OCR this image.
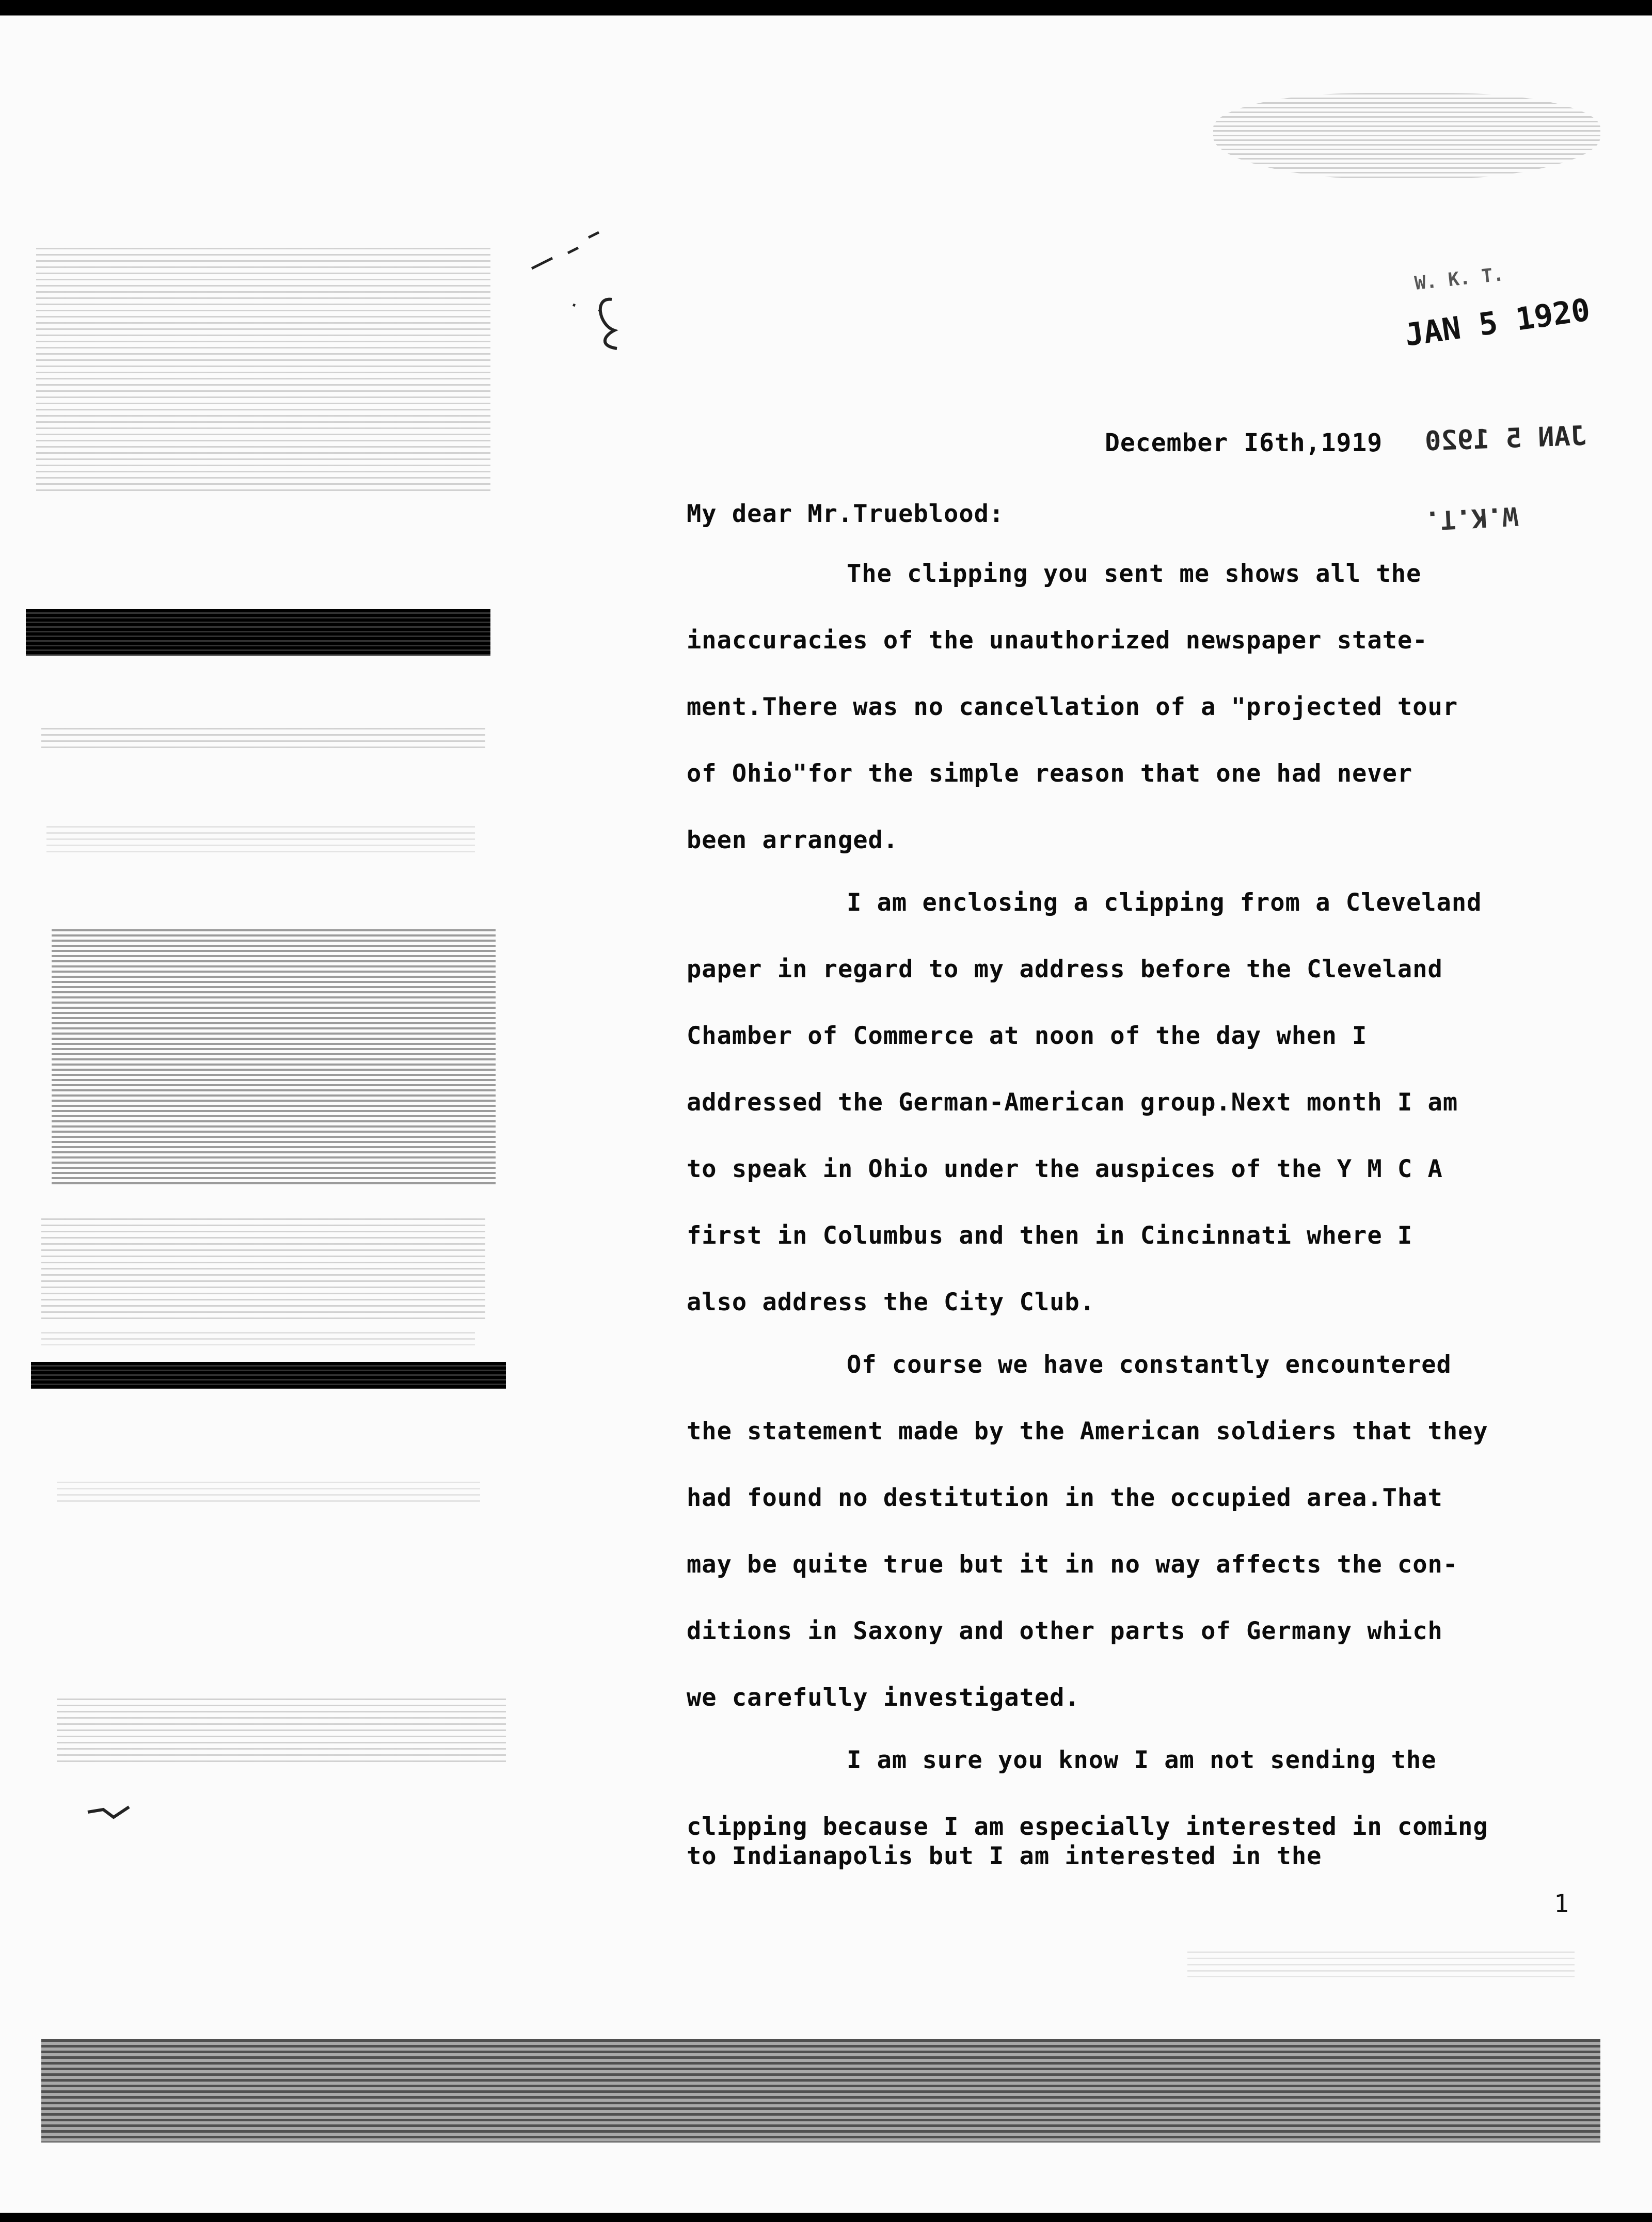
W. K. T.
JAN 5 1920
JAN 5 1920
W.K.T.
December I6th,1919
My dear Mr.Trueblood:
The clipping you sent me shows all the
inaccuracies of the unauthorized newspaper state-
ment.There was no cancellation of a "projected tour
of Ohio"for the simple reason that one had never
been arranged.
I am enclosing a clipping from a Cleveland
paper in regard to my address before the Cleveland
Chamber of Commerce at noon of the day when I
addressed the German-American group.Next month I am
to speak in Ohio under the auspices of the Y M C A
first in Columbus and then in Cincinnati where I
also address the City Club.
Of course we have constantly encountered
the statement made by the American soldiers that they
had found no destitution in the occupied area.That
may be quite true but it in no way affects the con-
ditions in Saxony and other parts of Germany which
we carefully investigated.
I am sure you know I am not sending the
clipping because I am especially interested in coming
to Indianapolis but I am interested in the
1
